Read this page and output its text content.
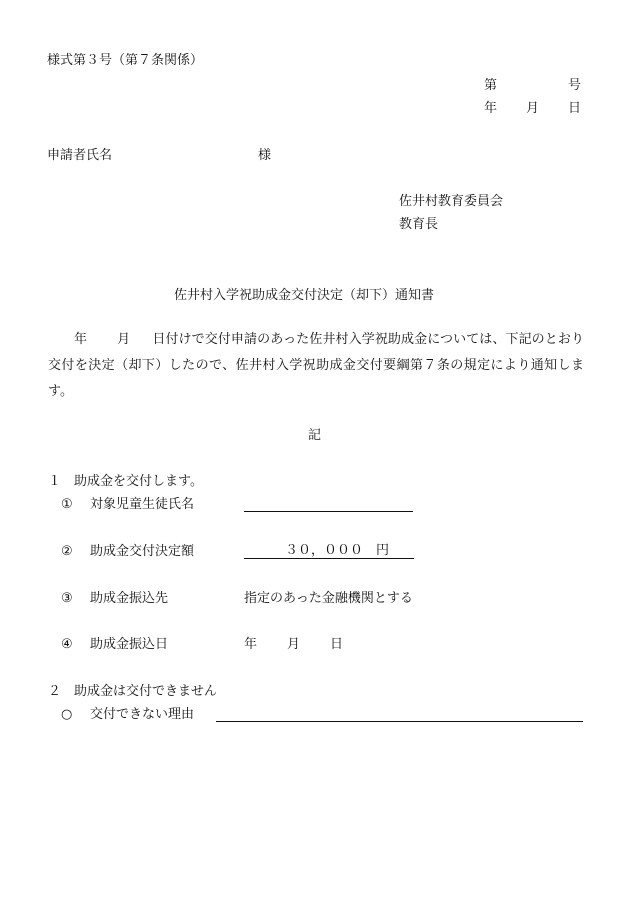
様式第３号（第７条関係）
第	号
年 月 日
申請者氏名	様
佐井村教育委員会
教育長
佐井村入学祝助成金交付決定（却下）通知書
年 月 日付けで交付申請のあった佐井村入学祝助成金については、下記のとおり交付を決定（却下）したので、佐井村入学祝助成金交付要綱第７条の規定により通知します。
記
１　助成金を交付します。
① 対象児童生徒氏名
② 助成金交付決定額	３０，０００　円
③ 助成金振込先	指定のあった金融機関とする
④ 助成金振込日	年 月 日
２　助成金は交付できません
○ 交付できない理由
